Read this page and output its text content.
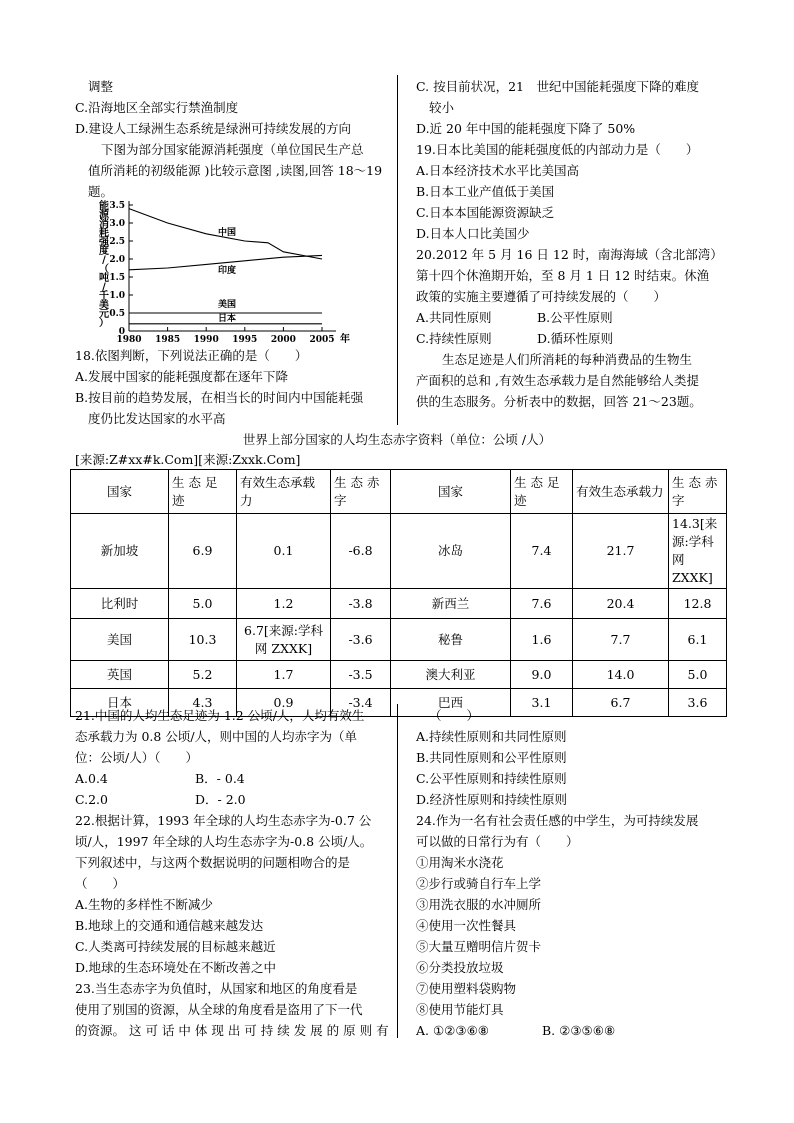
调整

C.沿海地区全部实行禁渔制度

D.建设人工绿洲生态系统是绿洲可持续发展的方向

下图为部分国家能源消耗强度（单位国民生产总

值所消耗的初级能源 )比较示意图 ,读图,回答 18～19

题。

0
0.5
1.0
1.5
2.0
2.5
3.0
3.5
1980 1985 1990 1995 2000 2005 年
能源消耗强度/（吨/千美元）
中国
印度
美国
日本

18.依图判断，下列说法正确的是（　　）

A.发展中国家的能耗强度都在逐年下降

B.按目前的趋势发展，在相当长的时间内中国能耗强

度仍比发达国家的水平高

C. 按目前状况，21　世纪中国能耗强度下降的难度

较小

D.近 20 年中国的能耗强度下降了 50%

19.日本比美国的能耗强度低的内部动力是（　　）

A.日本经济技术水平比美国高

B.日本工业产值低于美国

C.日本本国能源资源缺乏

D.日本人口比美国少

20.2012 年 5 月 16 日 12 时，南海海域（含北部湾）

第十四个休渔期开始，至 8 月 1 日 12 时结束。休渔

政策的实施主要遵循了可持续发展的（　　）

A.共同性原则	B.公平性原则

C.持续性原则	D.循环性原则

生态足迹是人们所消耗的每种消费品的生物生

产面积的总和 ,有效生态承载力是自然能够给人类提

供的生态服务。分析表中的数据，回答 21～23题。

世界上部分国家的人均生态赤字资料（单位：公顷 /人）
[来源:Z#xx#k.Com][来源:Zxxk.Com]
国家	生 态 足 迹	有效生态承载力	生 态 赤 字	国家	生 态 足 迹	有效生态承载力	生 态 赤 字
新加坡	6.9	0.1	-6.8	冰岛	7.4	21.7	14.3[来源:学科网 ZXXK]
比利时	5.0	1.2	-3.8	新西兰	7.6	20.4	12.8
美国	10.3	6.7[来源:学科网 ZXXK]	-3.6	秘鲁	1.6	7.7	6.1
英国	5.2	1.7	-3.5	澳大利亚	9.0	14.0	5.0
日本	4.3	0.9	-3.4	巴西	3.1	6.7	3.6

21.中国的人均生态足迹为 1.2 公顷/人，人均有效生

态承载力为 0.8 公顷/人，则中国的人均赤字为（单

位：公顷/人）（　　）

A.0.4	B．- 0.4

C.2.0	D．- 2.0

22.根据计算，1993 年全球的人均生态赤字为-0.7 公

顷/人，1997 年全球的人均生态赤字为-0.8 公顷/人。

下列叙述中，与这两个数据说明的问题相吻合的是

（　　）

A.生物的多样性不断减少

B.地球上的交通和通信越来越发达

C.人类离可持续发展的目标越来越近

D.地球的生态环境处在不断改善之中

23.当生态赤字为负值时，从国家和地区的角度看是

使用了别国的资源，从全球的角度看是盗用了下一代

的资源。 这 可 话 中 体 现 出 可 持 续 发 展 的 原 则 有

（　　）

A.持续性原则和共同性原则

B.共同性原则和公平性原则

C.公平性原则和持续性原则

D.经济性原则和持续性原则

24.作为一名有社会责任感的中学生，为可持续发展

可以做的日常行为有（　　）

①用淘米水浇花

②步行或骑自行车上学

③用洗衣服的水冲厕所

④使用一次性餐具

⑤大量互赠明信片贺卡

⑥分类投放垃圾

⑦使用塑料袋购物

⑧使用节能灯具

A. ①②③⑥⑧	B. ②③⑤⑥⑧
